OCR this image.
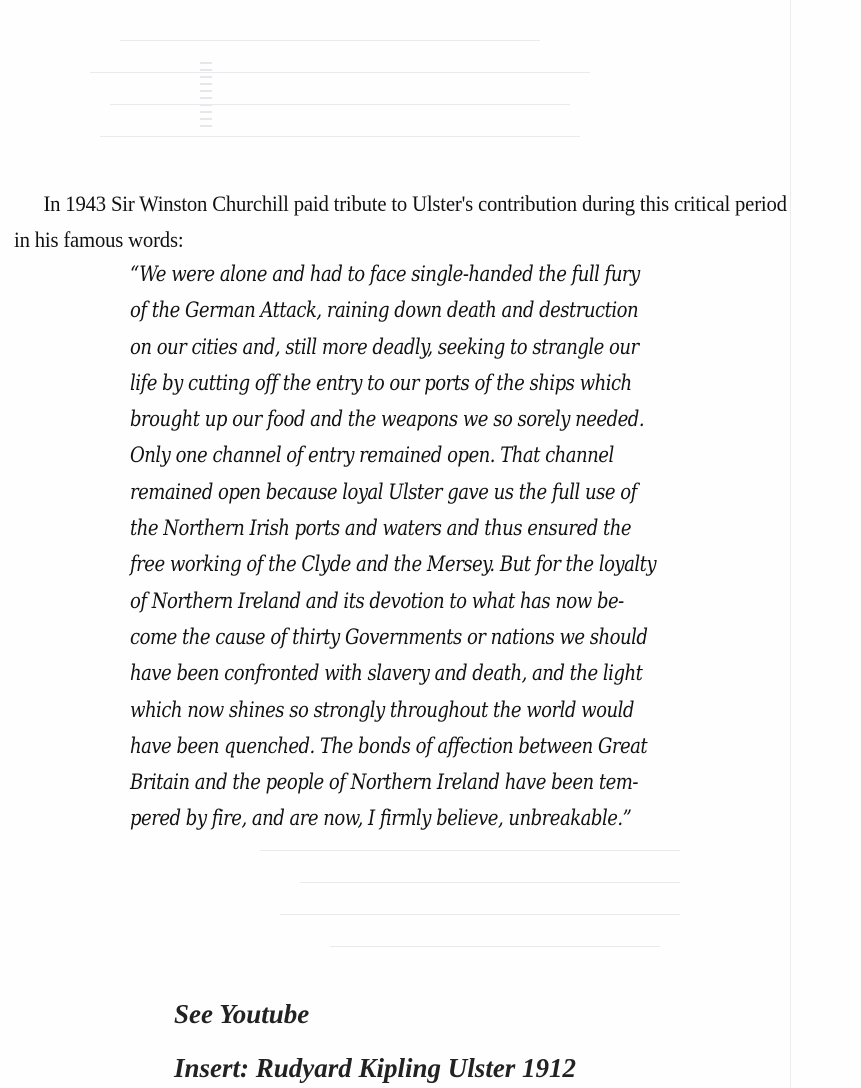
In 1943 Sir Winston Churchill paid tribute to Ulster's contribution during this critical period in his famous words:

“We were alone and had to face single-handed the full fury
of the German Attack, raining down death and destruction
on our cities and, still more deadly, seeking to strangle our
life by cutting off the entry to our ports of the ships which
brought up our food and the weapons we so sorely needed.
Only one channel of entry remained open. That channel
remained open because loyal Ulster gave us the full use of
the Northern Irish ports and waters and thus ensured the
free working of the Clyde and the Mersey. But for the loyalty
of Northern Ireland and its devotion to what has now be-
come the cause of thirty Governments or nations we should
have been confronted with slavery and death, and the light
which now shines so strongly throughout the world would
have been quenched. The bonds of affection between Great
Britain and the people of Northern Ireland have been tem-
pered by fire, and are now, I firmly believe, unbreakable.”

See Youtube

Insert: Rudyard Kipling Ulster 1912
